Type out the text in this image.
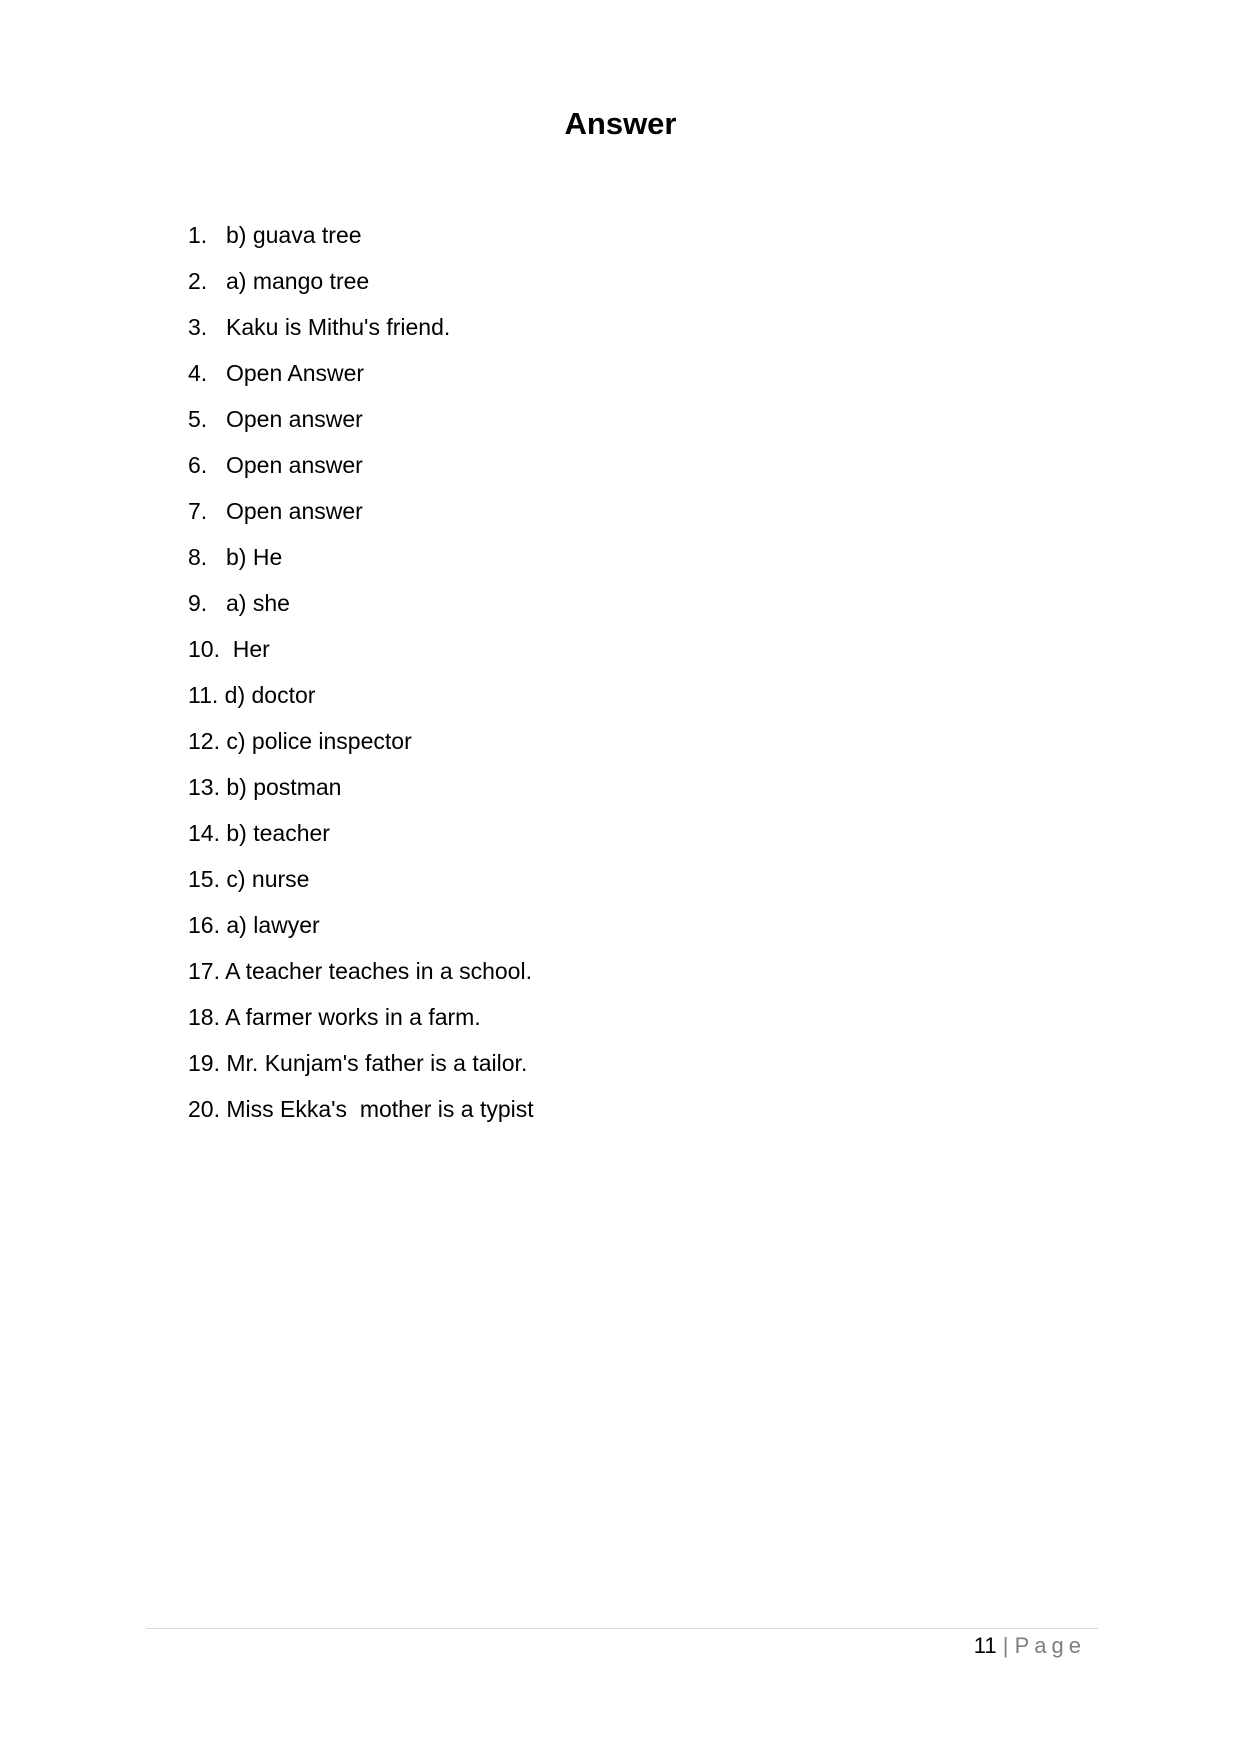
Answer
1. b) guava tree
2. a) mango tree
3. Kaku is Mithu's friend.
4. Open Answer
5. Open answer
6. Open answer
7. Open answer
8. b) He
9. a) she
10. Her
11. d) doctor
12. c) police inspector
13. b) postman
14. b) teacher
15. c) nurse
16. a) lawyer
17. A teacher teaches in a school.
18. A farmer works in a farm.
19. Mr. Kunjam's father is a tailor.
20. Miss Ekka's  mother is a typist
11 | Page
